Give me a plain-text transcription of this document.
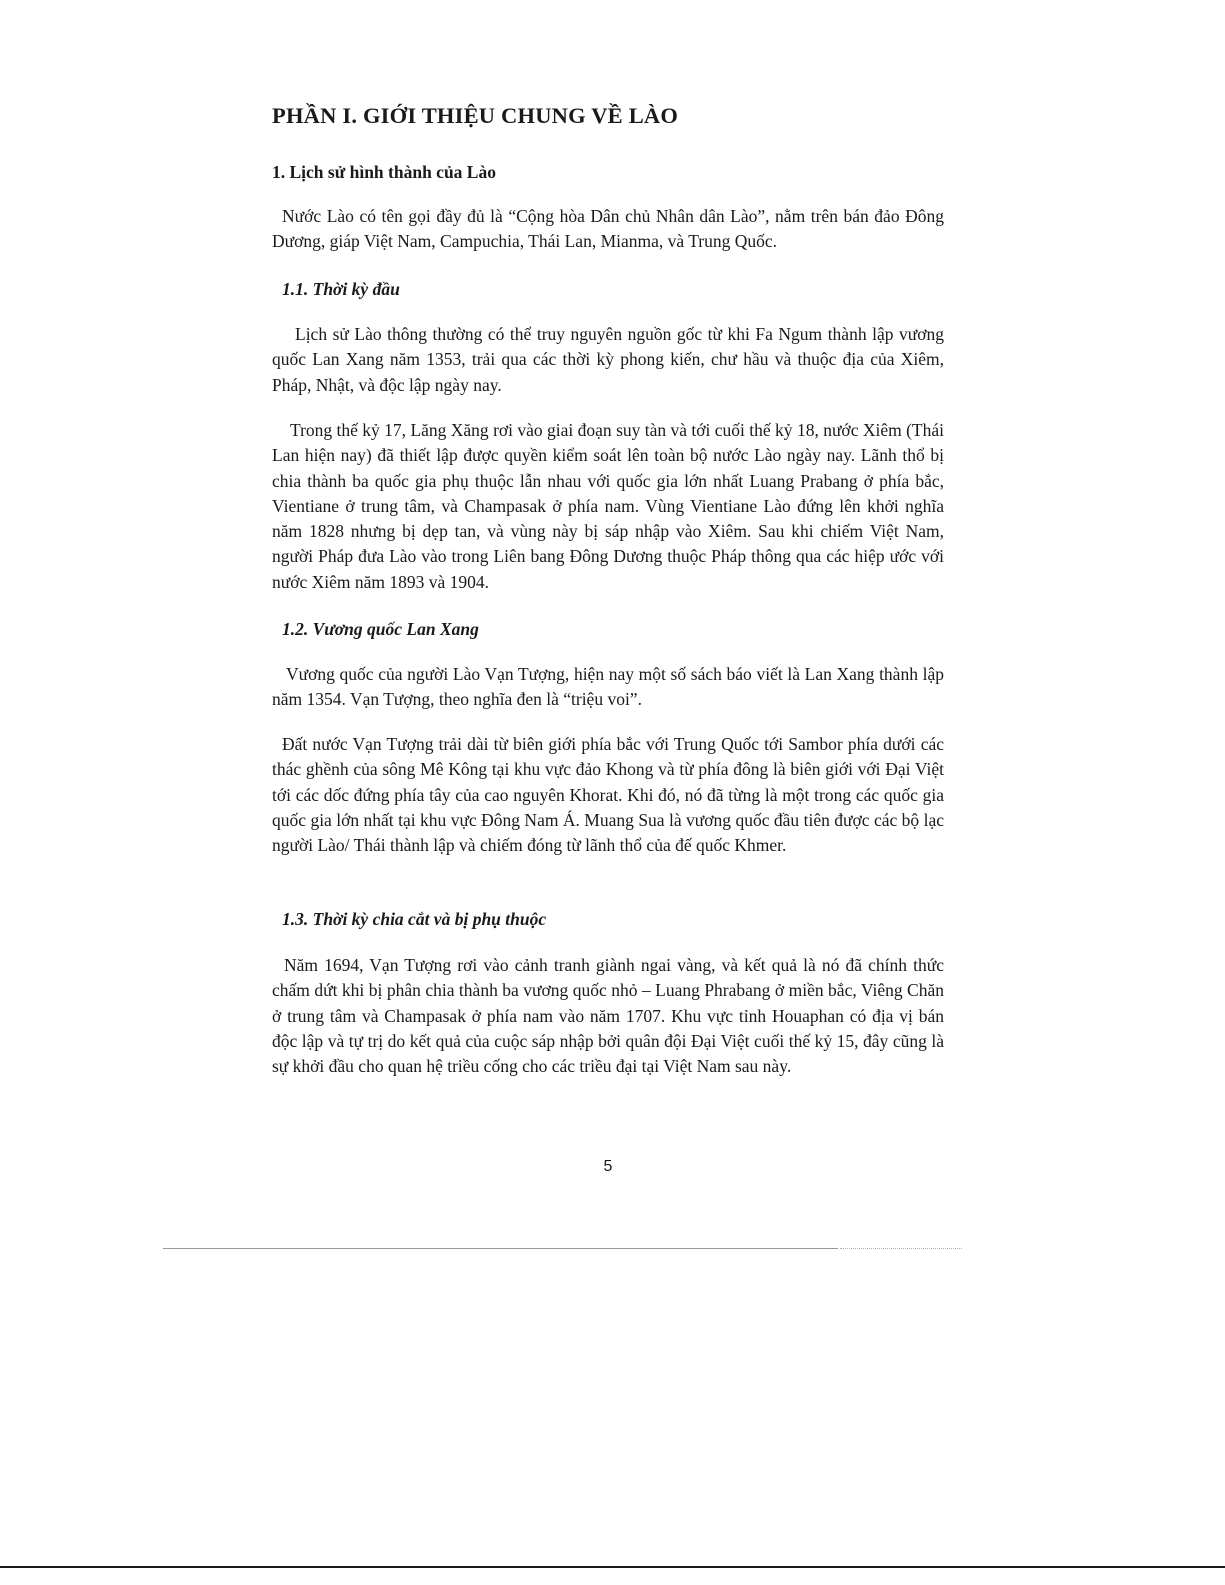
PHẦN I. GIỚI THIỆU CHUNG VỀ LÀO
1. Lịch sử hình thành của Lào

Nước Lào có tên gọi đầy đủ là “Cộng hòa Dân chủ Nhân dân Lào”, nằm trên bán đảo Đông Dương, giáp Việt Nam, Campuchia, Thái Lan, Mianma, và Trung Quốc.

1.1. Thời kỳ đầu

Lịch sử Lào thông thường có thể truy nguyên nguồn gốc từ khi Fa Ngum thành lập vương quốc Lan Xang năm 1353, trải qua các thời kỳ phong kiến, chư hầu và thuộc địa của Xiêm, Pháp, Nhật, và độc lập ngày nay.

Trong thế kỷ 17, Lăng Xăng rơi vào giai đoạn suy tàn và tới cuối thế kỷ 18, nước Xiêm (Thái Lan hiện nay) đã thiết lập được quyền kiểm soát lên toàn bộ nước Lào ngày nay. Lãnh thổ bị chia thành ba quốc gia phụ thuộc lẫn nhau với quốc gia lớn nhất Luang Prabang ở phía bắc, Vientiane ở trung tâm, và Champasak ở phía nam. Vùng Vientiane Lào đứng lên khởi nghĩa năm 1828 nhưng bị dẹp tan, và vùng này bị sáp nhập vào Xiêm. Sau khi chiếm Việt Nam, người Pháp đưa Lào vào trong Liên bang Đông Dương thuộc Pháp thông qua các hiệp ước với nước Xiêm năm 1893 và 1904.

1.2. Vương quốc Lan Xang

Vương quốc của người Lào Vạn Tượng, hiện nay một số sách báo viết là Lan Xang thành lập năm 1354. Vạn Tượng, theo nghĩa đen là “triệu voi”.

Đất nước Vạn Tượng trải dài từ biên giới phía bắc với Trung Quốc tới Sambor phía dưới các thác ghềnh của sông Mê Kông tại khu vực đảo Khong và từ phía đông là biên giới với Đại Việt tới các dốc đứng phía tây của cao nguyên Khorat. Khi đó, nó đã từng là một trong các quốc gia quốc gia lớn nhất tại khu vực Đông Nam Á. Muang Sua là vương quốc đầu tiên được các bộ lạc người Lào/ Thái thành lập và chiếm đóng từ lãnh thổ của đế quốc Khmer.

1.3. Thời kỳ chia cắt và bị phụ thuộc

Năm 1694, Vạn Tượng rơi vào cảnh tranh giành ngai vàng, và kết quả là nó đã chính thức chấm dứt khi bị phân chia thành ba vương quốc nhỏ – Luang Phrabang ở miền bắc, Viêng Chăn ở trung tâm và Champasak ở phía nam vào năm 1707. Khu vực tỉnh Houaphan có địa vị bán độc lập và tự trị do kết quả của cuộc sáp nhập bởi quân đội Đại Việt cuối thế kỷ 15, đây cũng là sự khởi đầu cho quan hệ triều cống cho các triều đại tại Việt Nam sau này.

5
